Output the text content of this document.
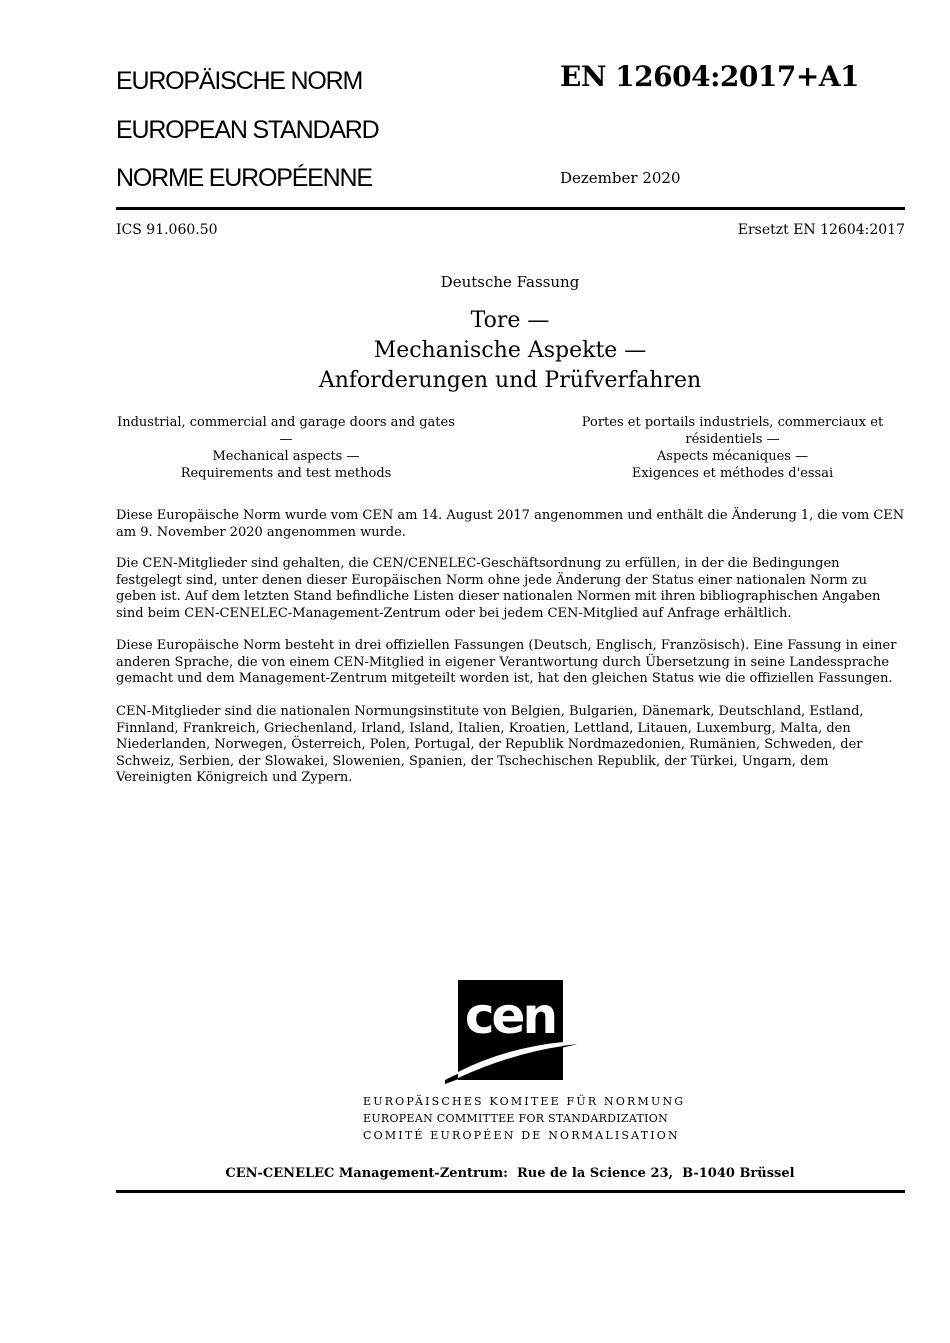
EUROPÄISCHE NORM
EUROPEAN STANDARD
NORME EUROPÉENNE
EN 12604:2017+A1
Dezember 2020
ICS 91.060.50	Ersetzt EN 12604:2017
Deutsche Fassung
Tore —
Mechanische Aspekte —
Anforderungen und Prüfverfahren
Industrial, commercial and garage doors and gates —
Mechanical aspects —
Requirements and test methods
Portes et portails industriels, commerciaux et
résidentiels —
Aspects mécaniques —
Exigences et méthodes d'essai

Diese Europäische Norm wurde vom CEN am 14. August 2017 angenommen und enthält die Änderung 1, die vom CEN am 9. November 2020 angenommen wurde.

Die CEN-Mitglieder sind gehalten, die CEN/CENELEC-Geschäftsordnung zu erfüllen, in der die Bedingungen festgelegt sind, unter denen dieser Europäischen Norm ohne jede Änderung der Status einer nationalen Norm zu geben ist. Auf dem letzten Stand befindliche Listen dieser nationalen Normen mit ihren bibliographischen Angaben sind beim CEN-CENELEC-Management-Zentrum oder bei jedem CEN-Mitglied auf Anfrage erhältlich.

Diese Europäische Norm besteht in drei offiziellen Fassungen (Deutsch, Englisch, Französisch). Eine Fassung in einer anderen Sprache, die von einem CEN-Mitglied in eigener Verantwortung durch Übersetzung in seine Landessprache gemacht und dem Management-Zentrum mitgeteilt worden ist, hat den gleichen Status wie die offiziellen Fassungen.

CEN-Mitglieder sind die nationalen Normungsinstitute von Belgien, Bulgarien, Dänemark, Deutschland, Estland, Finnland, Frankreich, Griechenland, Irland, Island, Italien, Kroatien, Lettland, Litauen, Luxemburg, Malta, den Niederlanden, Norwegen, Österreich, Polen, Portugal, der Republik Nordmazedonien, Rumänien, Schweden, der Schweiz, Serbien, der Slowakei, Slowenien, Spanien, der Tschechischen Republik, der Türkei, Ungarn, dem Vereinigten Königreich und Zypern.

cen
EUROPÄISCHES KOMITEE FÜR NORMUNG
EUROPEAN COMMITTEE FOR STANDARDIZATION
COMITÉ EUROPÉEN DE NORMALISATION
CEN-CENELEC Management-Zentrum:  Rue de la Science 23,  B-1040 Brüssel
